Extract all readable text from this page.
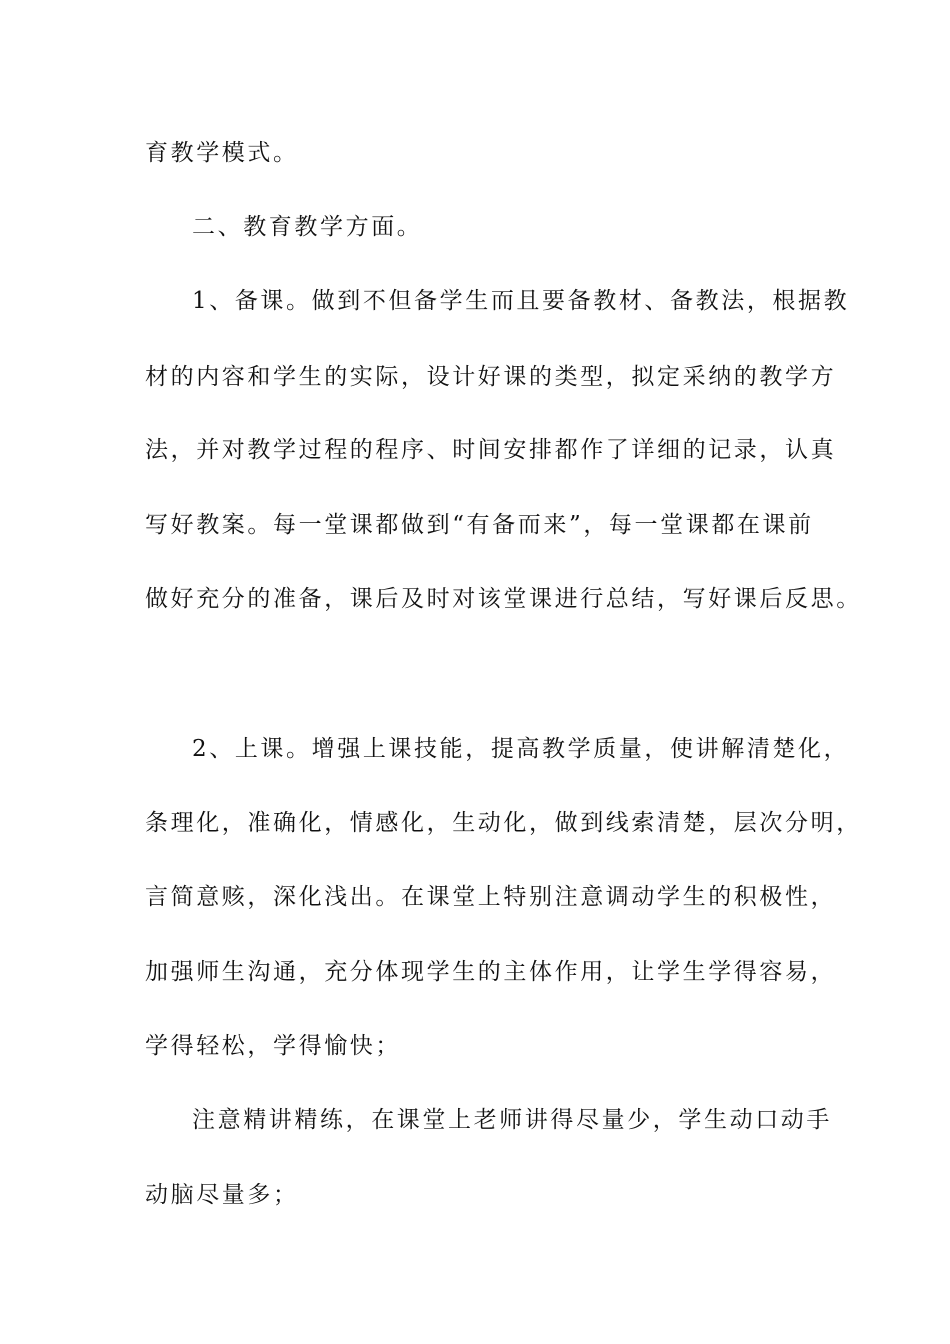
育教学模式。
二、教育教学方面。
1、备课。做到不但备学生而且要备教材、备教法，根据教
材的内容和学生的实际，设计好课的类型，拟定采纳的教学方
法，并对教学过程的程序、时间安排都作了详细的记录，认真
写好教案。每一堂课都做到“有备而来”，每一堂课都在课前
做好充分的准备，课后及时对该堂课进行总结，写好课后反思。
2、上课。增强上课技能，提高教学质量，使讲解清楚化，
条理化，准确化，情感化，生动化，做到线索清楚，层次分明，
言简意赅，深化浅出。在课堂上特别注意调动学生的积极性，
加强师生沟通，充分体现学生的主体作用，让学生学得容易，
学得轻松，学得愉快；
注意精讲精练，在课堂上老师讲得尽量少，学生动口动手
动脑尽量多；
